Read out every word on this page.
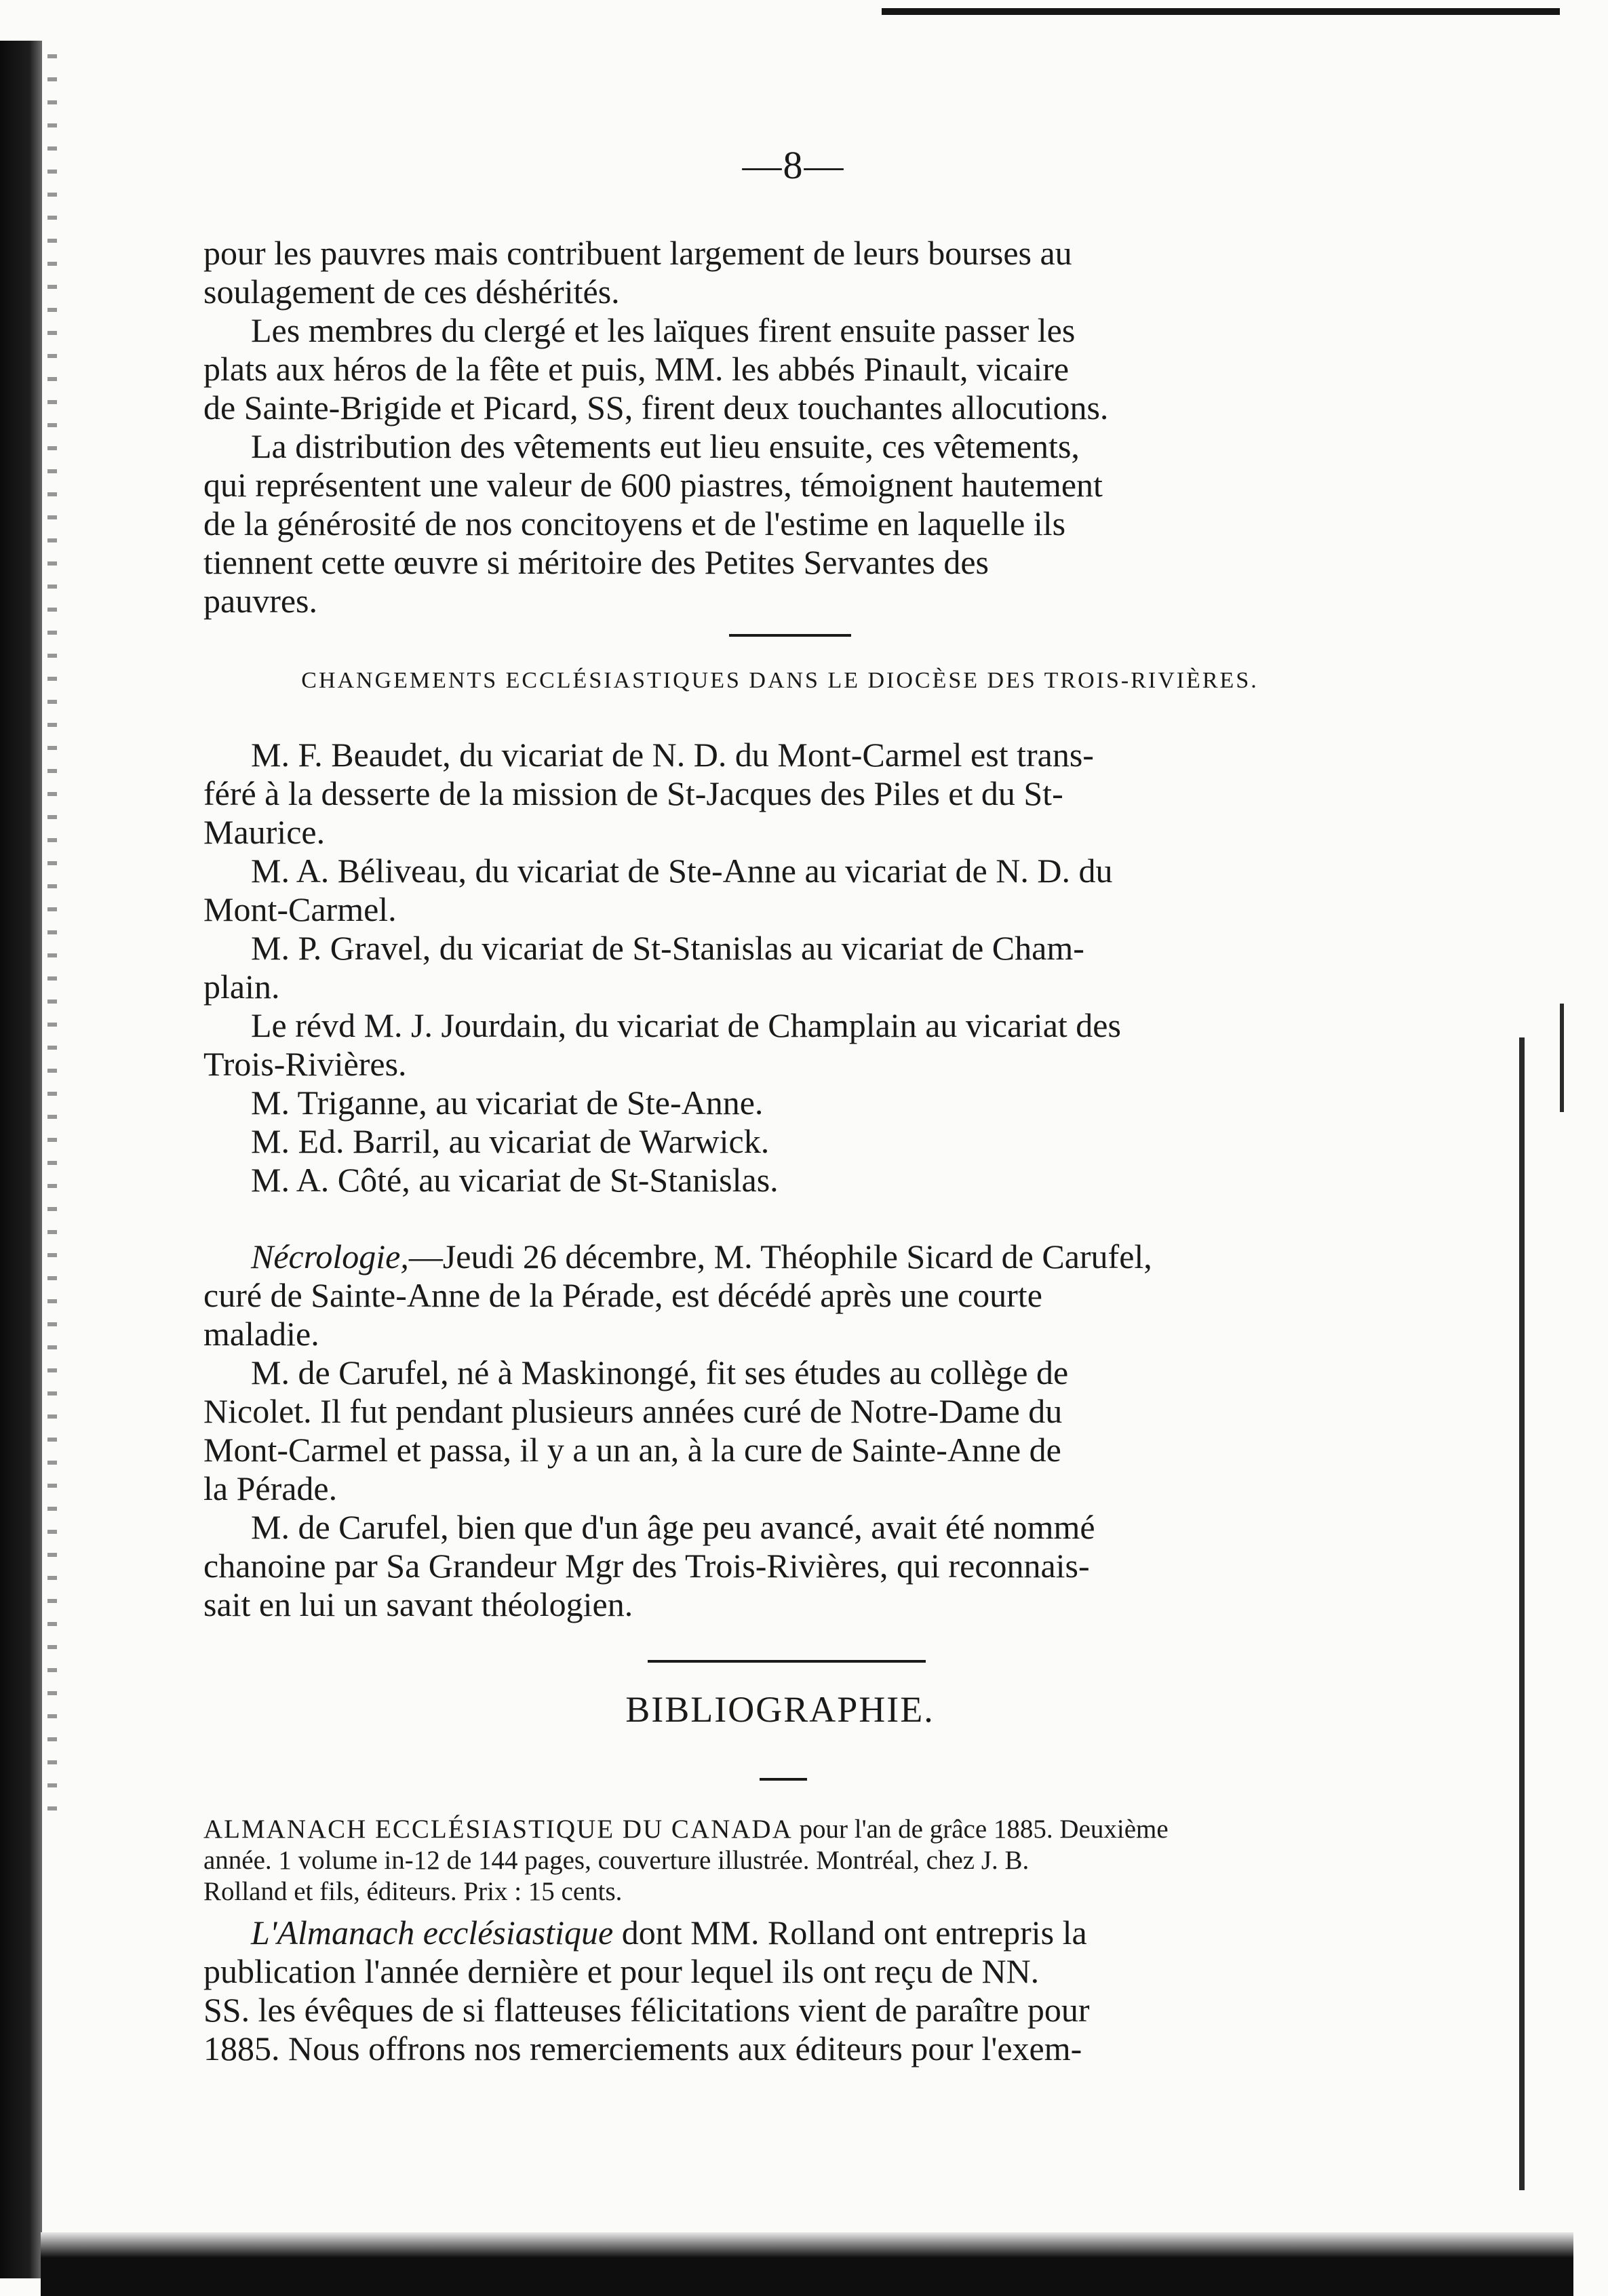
—8—

pour les pauvres mais contribuent largement de leurs bourses au
soulagement de ces déshérités.
Les membres du clergé et les laïques firent ensuite passer les
plats aux héros de la fête et puis, MM. les abbés Pinault, vicaire
de Sainte-Brigide et Picard, SS, firent deux touchantes allocutions.
La distribution des vêtements eut lieu ensuite, ces vêtements,
qui représentent une valeur de 600 piastres, témoignent hautement
de la générosité de nos concitoyens et de l'estime en laquelle ils
tiennent cette œuvre si méritoire des Petites Servantes des
pauvres.

CHANGEMENTS ECCLÉSIASTIQUES DANS LE DIOCÈSE DES TROIS-RIVIÈRES.

M. F. Beaudet, du vicariat de N. D. du Mont-Carmel est trans-
féré à la desserte de la mission de St-Jacques des Piles et du St-
Maurice.
M. A. Béliveau, du vicariat de Ste-Anne au vicariat de N. D. du
Mont-Carmel.
M. P. Gravel, du vicariat de St-Stanislas au vicariat de Cham-
plain.
Le révd M. J. Jourdain, du vicariat de Champlain au vicariat des
Trois-Rivières.
M. Triganne, au vicariat de Ste-Anne.
M. Ed. Barril, au vicariat de Warwick.
M. A. Côté, au vicariat de St-Stanislas.

Nécrologie,—Jeudi 26 décembre, M. Théophile Sicard de Carufel,
curé de Sainte-Anne de la Pérade, est décédé après une courte
maladie.
M. de Carufel, né à Maskinongé, fit ses études au collège de
Nicolet. Il fut pendant plusieurs années curé de Notre-Dame du
Mont-Carmel et passa, il y a un an, à la cure de Sainte-Anne de
la Pérade.
M. de Carufel, bien que d'un âge peu avancé, avait été nommé
chanoine par Sa Grandeur Mgr des Trois-Rivières, qui reconnais-
sait en lui un savant théologien.

BIBLIOGRAPHIE.

ALMANACH ECCLÉSIASTIQUE DU CANADA pour l'an de grâce 1885. Deuxième
année. 1 volume in-12 de 144 pages, couverture illustrée. Montréal, chez J. B.
Rolland et fils, éditeurs. Prix : 15 cents.

L'Almanach ecclésiastique dont MM. Rolland ont entrepris la
publication l'année dernière et pour lequel ils ont reçu de NN.
SS. les évêques de si flatteuses félicitations vient de paraître pour
1885. Nous offrons nos remerciements aux éditeurs pour l'exem-
